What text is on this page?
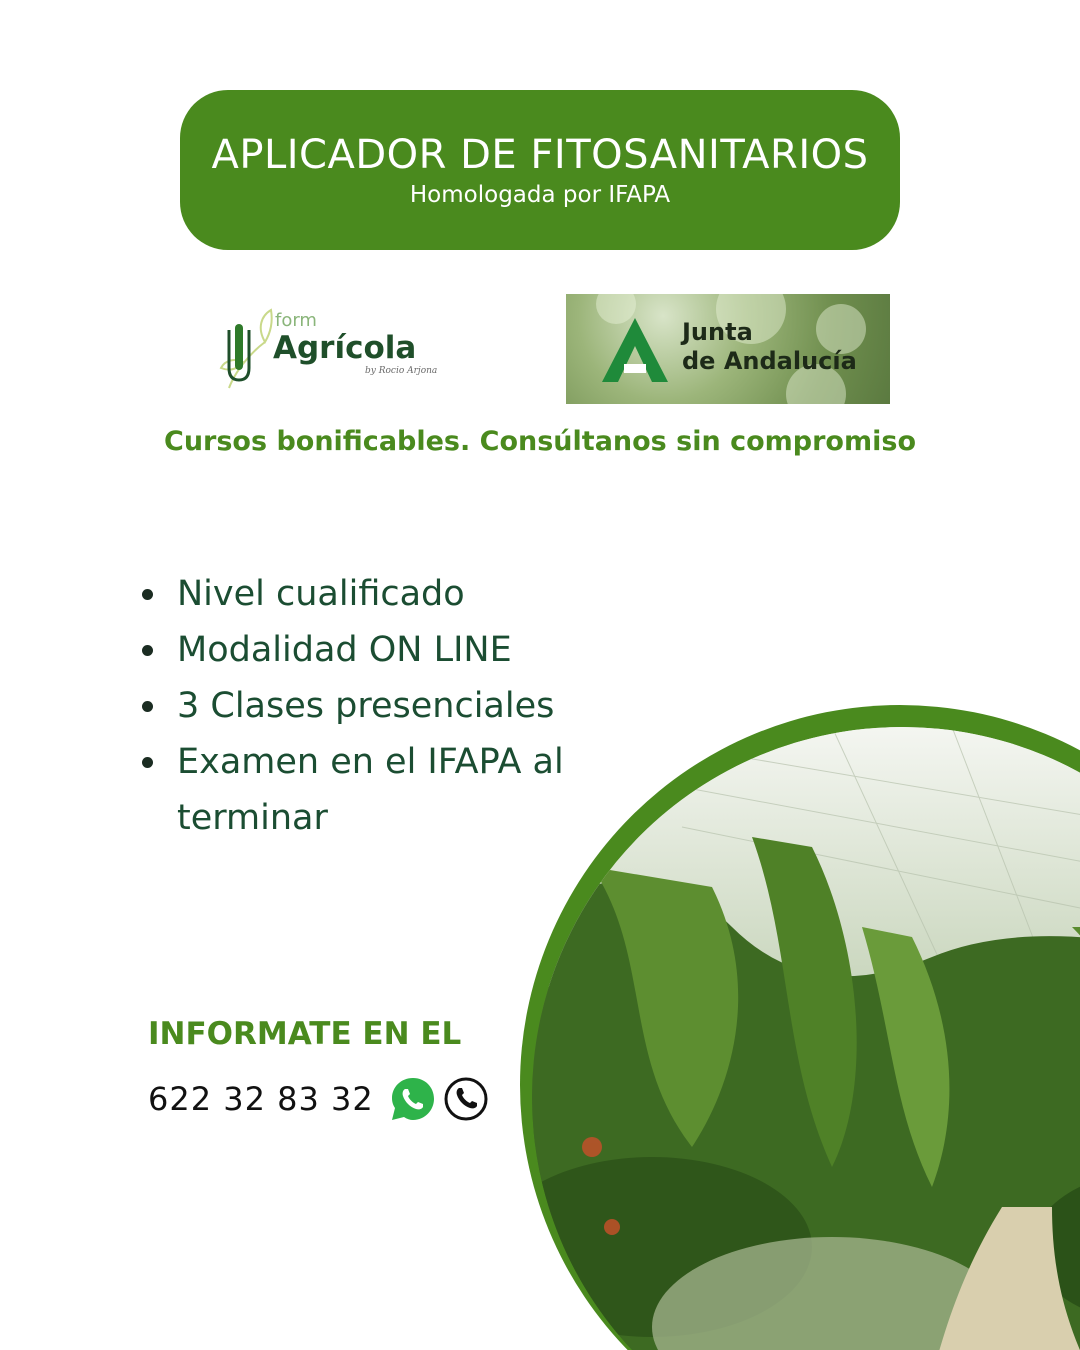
APLICADOR DE FITOSANITARIOS
Homologada por IFAPA
form
Agrícola
by Rocio Arjona
Junta
de Andalucía
Cursos bonificables. Consúltanos sin compromiso
Nivel cualificado
Modalidad ON LINE
3 Clases presenciales
Examen en el IFAPA al terminar
INFORMATE EN EL
622 32 83 32
